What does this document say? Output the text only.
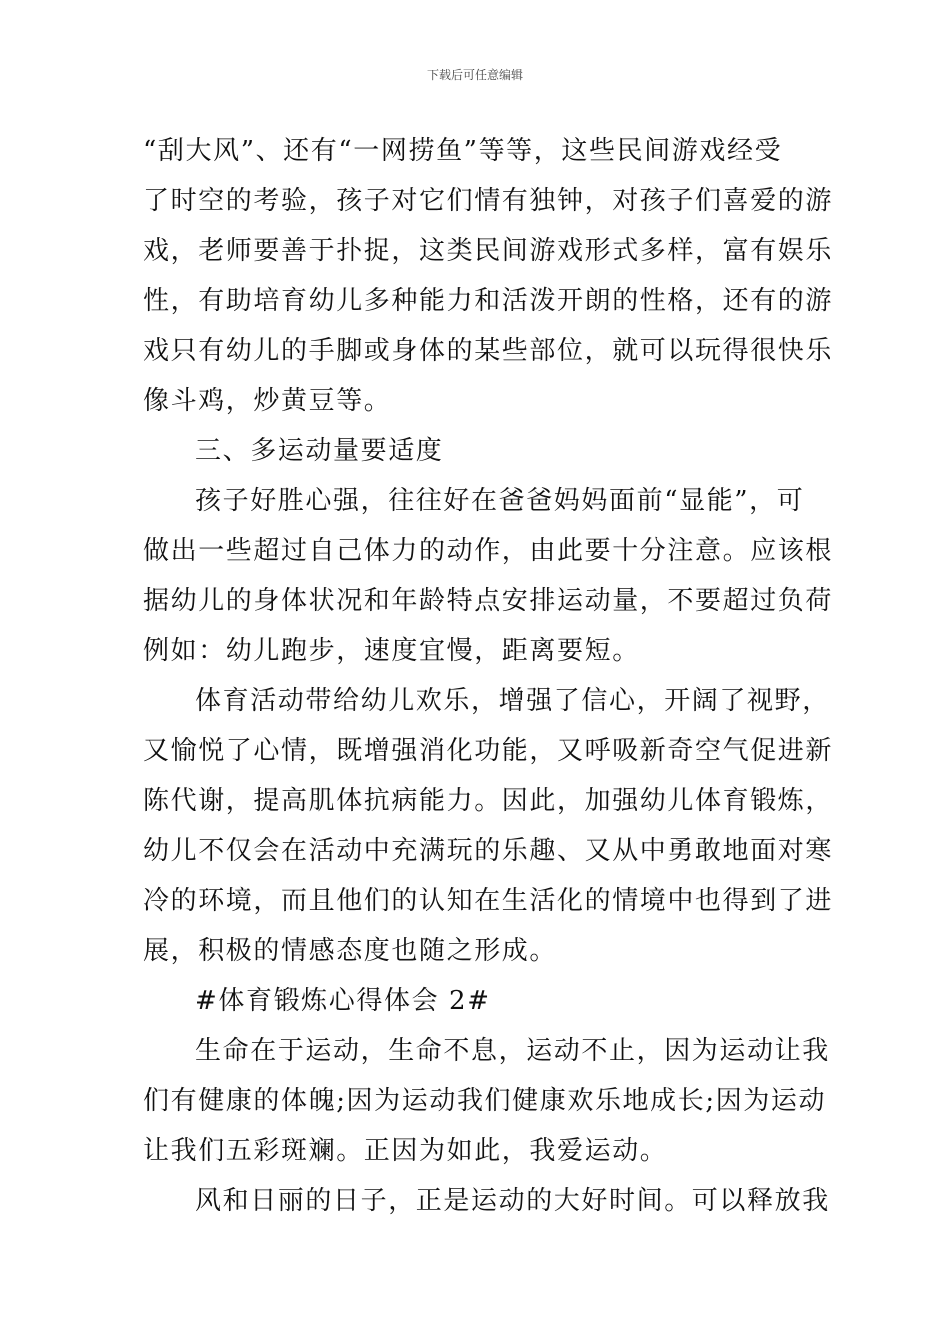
下载后可任意编辑
“刮大风”、还有“一网捞鱼”等等，这些民间游戏经受
了时空的考验，孩子对它们情有独钟，对孩子们喜爱的游
戏，老师要善于扑捉，这类民间游戏形式多样，富有娱乐
性，有助培育幼儿多种能力和活泼开朗的性格，还有的游
戏只有幼儿的手脚或身体的某些部位，就可以玩得很快乐
像斗鸡，炒黄豆等。
三、多运动量要适度
孩子好胜心强，往往好在爸爸妈妈面前“显能”，可
做出一些超过自己体力的动作，由此要十分注意。应该根
据幼儿的身体状况和年龄特点安排运动量，不要超过负荷
例如：幼儿跑步，速度宜慢，距离要短。
体育活动带给幼儿欢乐，增强了信心，开阔了视野，
又愉悦了心情，既增强消化功能，又呼吸新奇空气促进新
陈代谢，提高肌体抗病能力。因此，加强幼儿体育锻炼，
幼儿不仅会在活动中充满玩的乐趣、又从中勇敢地面对寒
冷的环境，而且他们的认知在生活化的情境中也得到了进
展，积极的情感态度也随之形成。
#体育锻炼心得体会 2#
生命在于运动，生命不息，运动不止，因为运动让我
们有健康的体魄;因为运动我们健康欢乐地成长;因为运动
让我们五彩斑斓。正因为如此，我爱运动。
风和日丽的日子，正是运动的大好时间。可以释放我
